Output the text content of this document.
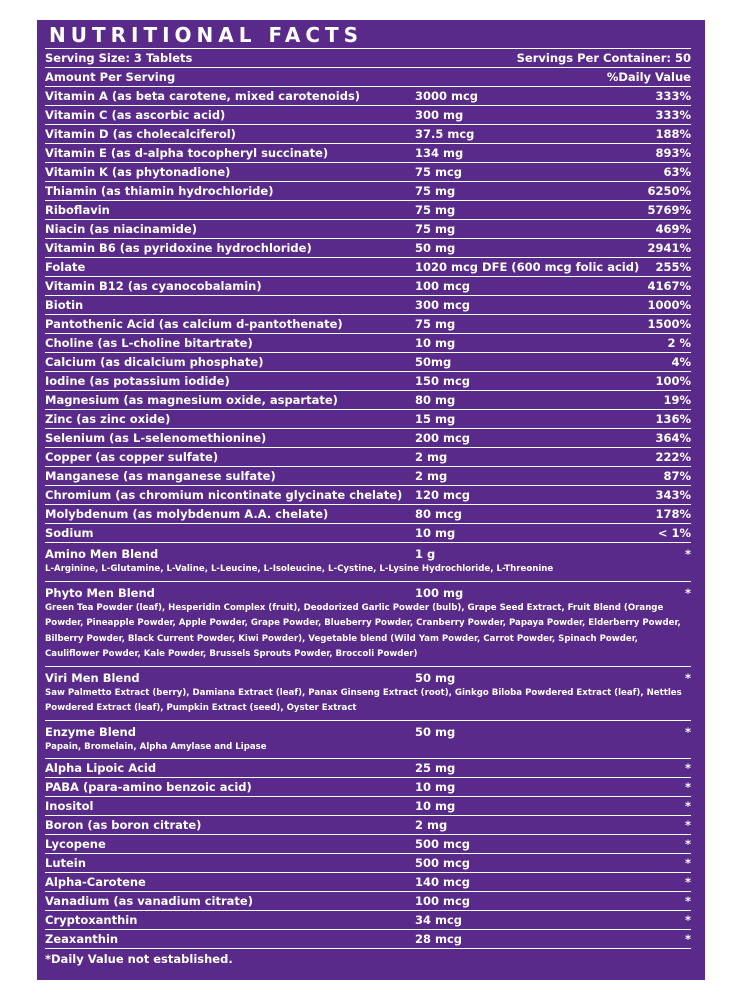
NUTRITIONAL FACTS
Serving Size: 3 Tablets	Servings Per Container: 50
Amount Per Serving	%Daily Value
Vitamin A (as beta carotene, mixed carotenoids)	3000 mcg	333%
Vitamin C (as ascorbic acid)	300 mg	333%
Vitamin D (as cholecalciferol)	37.5 mcg	188%
Vitamin E (as d-alpha tocopheryl succinate)	134 mg	893%
Vitamin K (as phytonadione)	75 mcg	63%
Thiamin (as thiamin hydrochloride)	75 mg	6250%
Riboflavin	75 mg	5769%
Niacin (as niacinamide)	75 mg	469%
Vitamin B6 (as pyridoxine hydrochloride)	50 mg	2941%
Folate	1020 mcg DFE (600 mcg folic acid) 255%
Vitamin B12 (as cyanocobalamin)	100 mcg	4167%
Biotin	300 mcg	1000%
Pantothenic Acid (as calcium d-pantothenate)	75 mg	1500%
Choline (as L-choline bitartrate)	10 mg	2 %
Calcium (as dicalcium phosphate)	50mg	4%
Iodine (as potassium iodide)	150 mcg	100%
Magnesium (as magnesium oxide, aspartate)	80 mg	19%
Zinc (as zinc oxide)	15 mg	136%
Selenium (as L-selenomethionine)	200 mcg	364%
Copper (as copper sulfate)	2 mg	222%
Manganese (as manganese sulfate)	2 mg	87%
Chromium (as chromium nicontinate glycinate chelate) 120 mcg	343%
Molybdenum (as molybdenum A.A. chelate)	80 mcg	178%
Sodium	10 mg	< 1%
Amino Men Blend	1 g	*
L-Arginine, L-Glutamine, L-Valine, L-Leucine, L-Isoleucine, L-Cystine, L-Lysine Hydrochloride, L-Threonine
Phyto Men Blend	100 mg	*
Green Tea Powder (leaf), Hesperidin Complex (fruit), Deodorized Garlic Powder (bulb), Grape Seed Extract, Fruit Blend (Orange Powder, Pineapple Powder, Apple Powder, Grape Powder, Blueberry Powder, Cranberry Powder, Papaya Powder, Elderberry Powder, Bilberry Powder, Black Current Powder, Kiwi Powder), Vegetable blend (Wild Yam Powder, Carrot Powder, Spinach Powder, Cauliflower Powder, Kale Powder, Brussels Sprouts Powder, Broccoli Powder)
Viri Men Blend	50 mg	*
Saw Palmetto Extract (berry), Damiana Extract (leaf), Panax Ginseng Extract (root), Ginkgo Biloba Powdered Extract (leaf), Nettles Powdered Extract (leaf), Pumpkin Extract (seed), Oyster Extract
Enzyme Blend	50 mg	*
Papain, Bromelain, Alpha Amylase and Lipase
Alpha Lipoic Acid	25 mg	*
PABA (para-amino benzoic acid)	10 mg	*
Inositol	10 mg	*
Boron (as boron citrate)	2 mg	*
Lycopene	500 mcg	*
Lutein	500 mcg	*
Alpha-Carotene	140 mcg	*
Vanadium (as vanadium citrate)	100 mcg	*
Cryptoxanthin	34 mcg	*
Zeaxanthin	28 mcg	*
*Daily Value not established.
